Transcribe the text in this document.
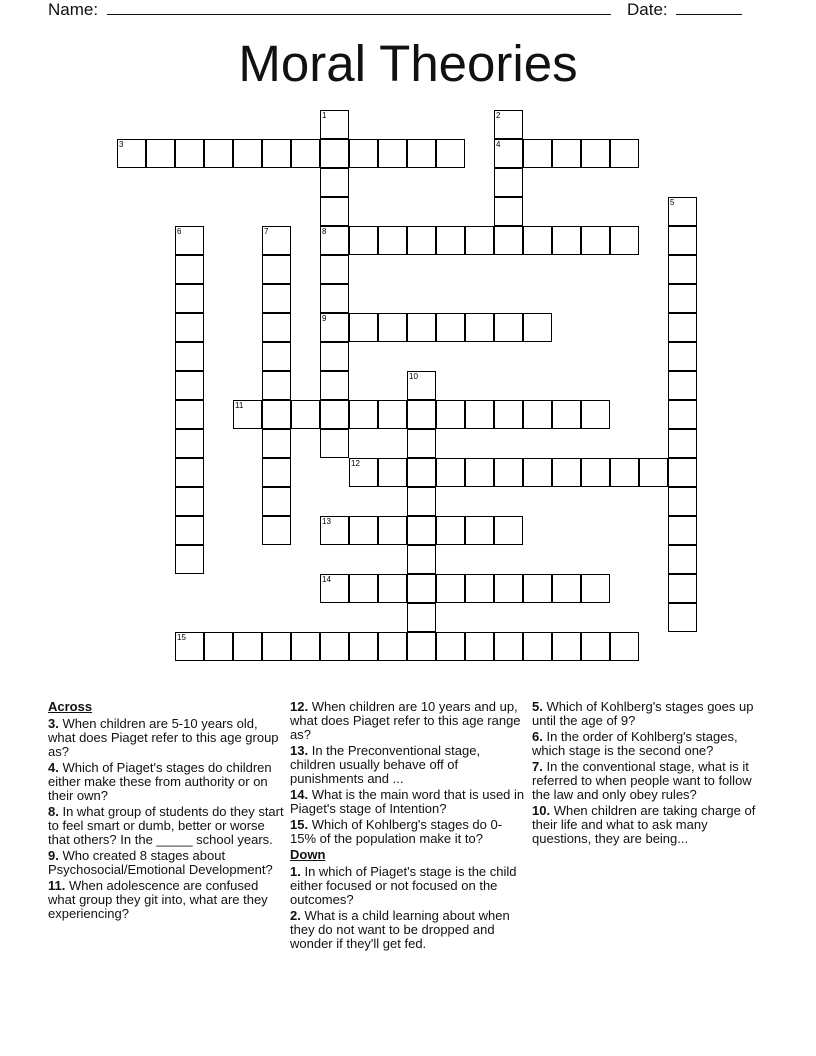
Name:	Date:
Moral Theories
1	2
3	4
5
6	7	8
9
10
11
12
13
14
15
Across

3. When children are 5-10 years old, what does Piaget refer to this age group as?

4. Which of Piaget's stages do children either make these from authority or on their own?

8. In what group of students do they start to feel smart or dumb, better or worse that others? In the _____ school years.

9. Who created 8 stages about Psychosocial/Emotional Development?

11. When adolescence are confused what group they git into, what are they experiencing?

12. When children are 10 years and up, what does Piaget refer to this age range as?

13. In the Preconventional stage, children usually behave off of punishments and ...

14. What is the main word that is used in Piaget's stage of Intention?

15. Which of Kohlberg's stages do 0-15% of the population make it to?

Down

1. In which of Piaget's stage is the child either focused or not focused on the outcomes?

2. What is a child learning about when they do not want to be dropped and wonder if they'll get fed.

5. Which of Kohlberg's stages goes up until the age of 9?

6. In the order of Kohlberg's stages, which stage is the second one?

7. In the conventional stage, what is it referred to when people want to follow the law and only obey rules?

10. When children are taking charge of their life and what to ask many questions, they are being...
